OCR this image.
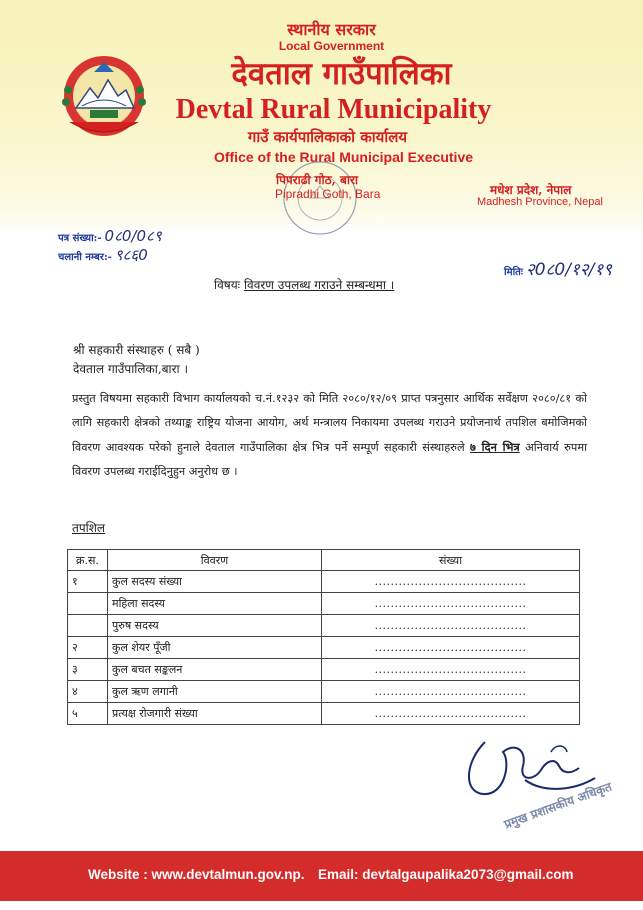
स्थानीय सरकार
Local Government
देवताल गाउँपालिका
Devtal Rural Municipality
गाउँ कार्यपालिकाको कार्यालय
Office of the Rural Municipal Executive
पिपराढी गोठ, बारा
Pipradhi Goth, Bara	मधेश प्रदेश, नेपाल
Madhesh Province, Nepal
पत्र संख्या:- 0८0/0८९
चलानी नम्बर:- ९८६0
मितिः २0८0/१२/१९
विषयः विवरण उपलब्ध गराउने सम्बन्धमा ।
श्री सहकारी संस्थाहरु ( सबै )
देवताल गाउँपालिका,बारा ।
प्रस्तुत विषयमा सहकारी विभाग कार्यालयको च.नं.१२३२ को मिति २०८०/१२/०९ प्राप्त पत्रनुसार आर्थिक सर्वेक्षण २०८०/८१ को लागि सहकारी क्षेत्रको तथ्याङ्क राष्ट्रिय योजना आयोग, अर्थ मन्त्रालय निकायमा उपलब्ध गराउने प्रयोजनार्थ तपशिल बमोजिमको विवरण आवश्यक परेको हुनाले देवताल गाउँपालिका क्षेत्र भित्र पर्ने सम्पूर्ण सहकारी संस्थाहरुले ७ दिन भित्र अनिवार्य रुपमा विवरण उपलब्ध गराईदिनुहुन अनुरोध छ ।
तपशिल
क्र.स.	विवरण	संख्या
१	कुल सदस्य संख्या	......................................
	महिला सदस्य	......................................
	पुरुष सदस्य	......................................
२	कुल शेयर पूँजी	......................................
३	कुल बचत सङ्कलन	......................................
४	कुल ऋण लगानी	......................................
५	प्रत्यक्ष रोजगारी संख्या	......................................
प्रमुख प्रशासकीय अधिकृत
Website : www.devtalmun.gov.np. Email: devtalgaupalika2073@gmail.com
